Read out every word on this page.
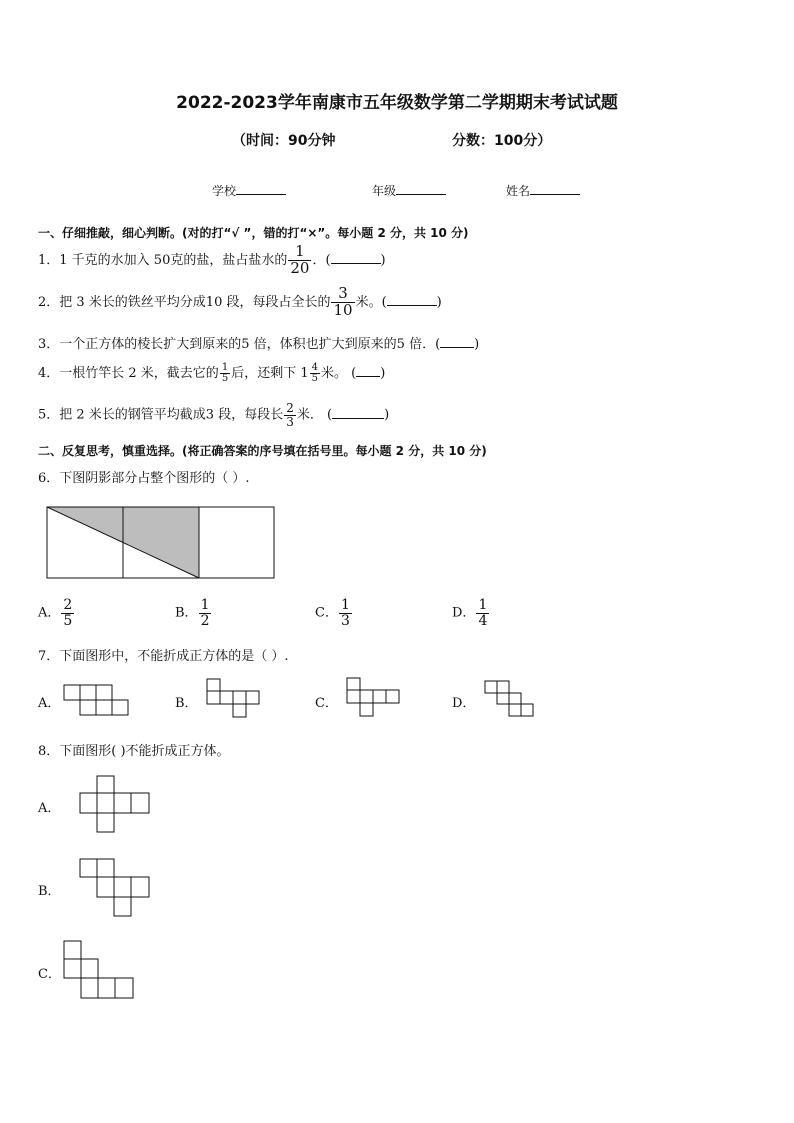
2022-2023学年南康市五年级数学第二学期期末考试试题
（时间：90分钟	分数：100分）
学校	年级	姓名
一、仔细推敲，细心判断。(对的打“√ ”，错的打“×”。每小题 2 分，共 10 分)
1．1 千克的水加入 50克的盐，盐占盐水的 $\frac{1}{20}$ ．(	)
2．把 3 米长的铁丝平均分成10 段，每段占全长的 $\frac{3}{10}$ 米。(	)
3．一个正方体的棱长扩大到原来的5 倍，体积也扩大到原来的5 倍．(	)
4．一根竹竿长 2 米，截去它的 $\frac{1}{5}$ 后，还剩下 $1 \frac{4}{5}$ 米。 ( )
5．把 2 米长的钢管平均截成3 段，每段长 $\frac{2}{3}$ 米． (	)
二、反复思考，慎重选择。(将正确答案的序号填在括号里。每小题 2 分，共 10 分)
6．下图阴影部分占整个图形的（ ）.
A． $\frac{2}{5}$	B． $\frac{1}{2}$	C． $\frac{1}{3}$	D． $\frac{1}{4}$
7．下面图形中，不能折成正方体的是（ ）.
A．	B．	C．	D．
8．下面图形( )不能折成正方体。
A．
B．
C．
